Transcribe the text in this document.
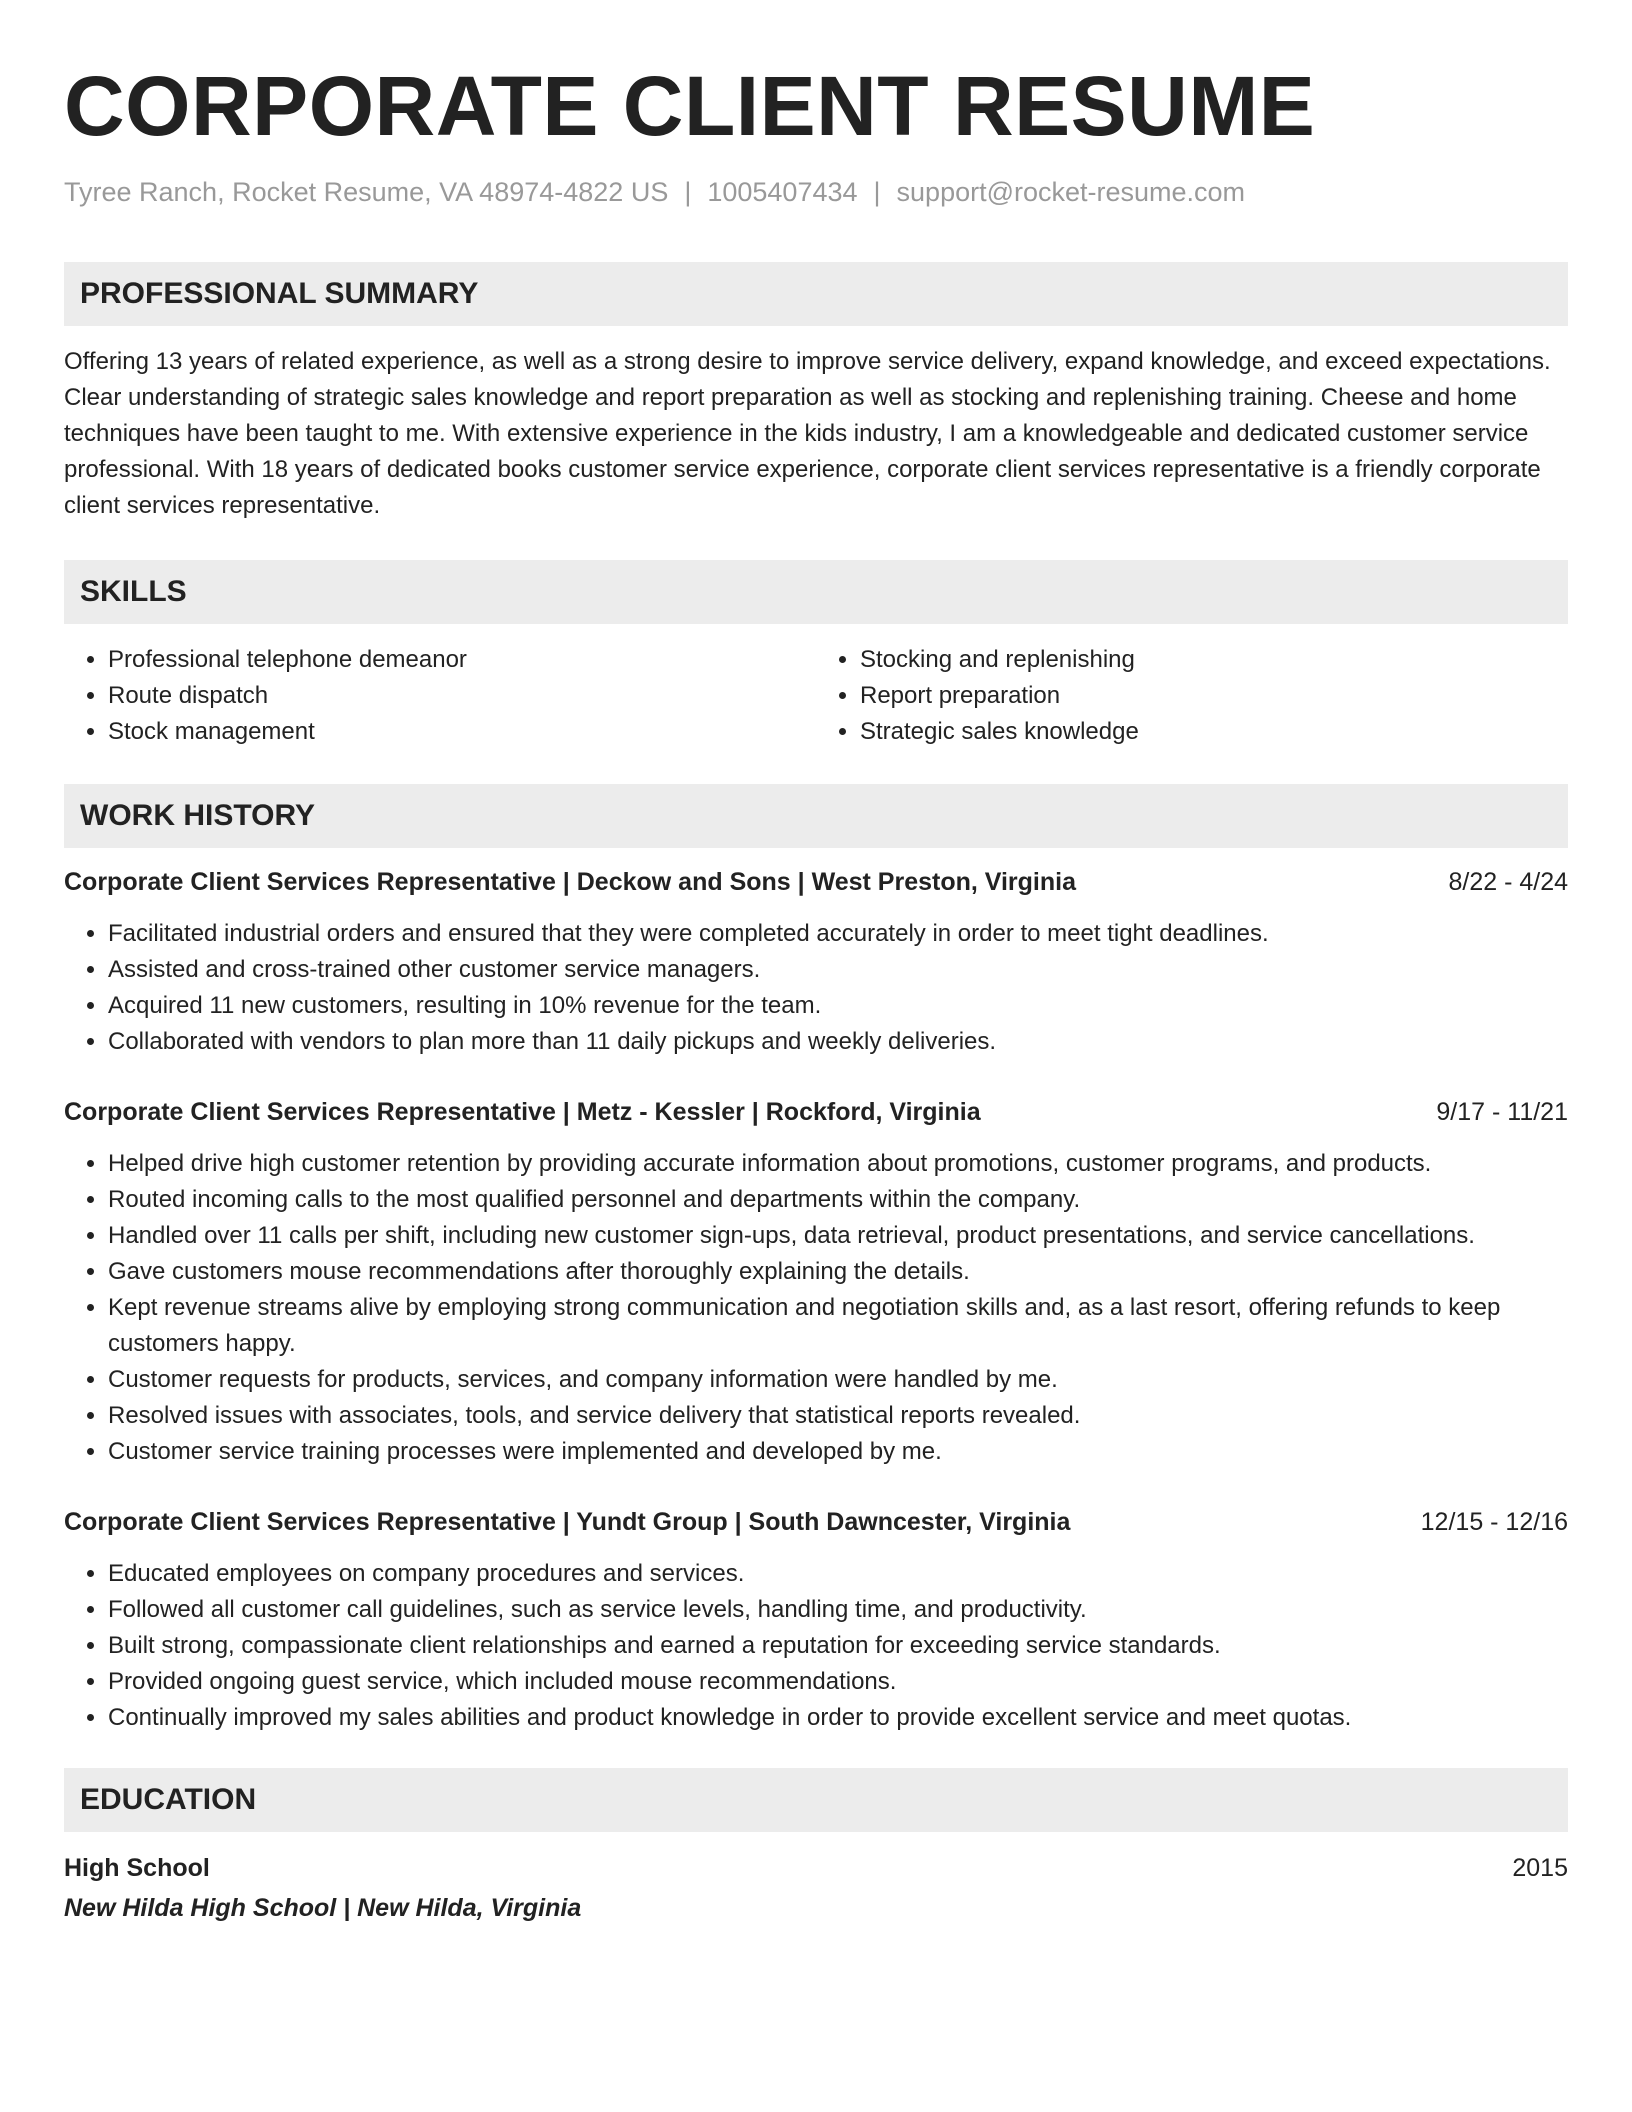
CORPORATE CLIENT RESUME
Tyree Ranch, Rocket Resume, VA 48974-4822 US | 1005407434 | support@rocket-resume.com
PROFESSIONAL SUMMARY
Offering 13 years of related experience, as well as a strong desire to improve service delivery, expand knowledge, and exceed expectations. Clear understanding of strategic sales knowledge and report preparation as well as stocking and replenishing training. Cheese and home techniques have been taught to me. With extensive experience in the kids industry, I am a knowledgeable and dedicated customer service professional. With 18 years of dedicated books customer service experience, corporate client services representative is a friendly corporate client services representative.
SKILLS
• Professional telephone demeanor
• Route dispatch
• Stock management
• Stocking and replenishing
• Report preparation
• Strategic sales knowledge
WORK HISTORY
Corporate Client Services Representative | Deckow and Sons | West Preston, Virginia	8/22 - 4/24
• Facilitated industrial orders and ensured that they were completed accurately in order to meet tight deadlines.
• Assisted and cross-trained other customer service managers.
• Acquired 11 new customers, resulting in 10% revenue for the team.
• Collaborated with vendors to plan more than 11 daily pickups and weekly deliveries.
Corporate Client Services Representative | Metz - Kessler | Rockford, Virginia	9/17 - 11/21
• Helped drive high customer retention by providing accurate information about promotions, customer programs, and products.
• Routed incoming calls to the most qualified personnel and departments within the company.
• Handled over 11 calls per shift, including new customer sign-ups, data retrieval, product presentations, and service cancellations.
• Gave customers mouse recommendations after thoroughly explaining the details.
• Kept revenue streams alive by employing strong communication and negotiation skills and, as a last resort, offering refunds to keep customers happy.
• Customer requests for products, services, and company information were handled by me.
• Resolved issues with associates, tools, and service delivery that statistical reports revealed.
• Customer service training processes were implemented and developed by me.
Corporate Client Services Representative | Yundt Group | South Dawncester, Virginia	12/15 - 12/16
• Educated employees on company procedures and services.
• Followed all customer call guidelines, such as service levels, handling time, and productivity.
• Built strong, compassionate client relationships and earned a reputation for exceeding service standards.
• Provided ongoing guest service, which included mouse recommendations.
• Continually improved my sales abilities and product knowledge in order to provide excellent service and meet quotas.
EDUCATION
High School	2015
New Hilda High School | New Hilda, Virginia
